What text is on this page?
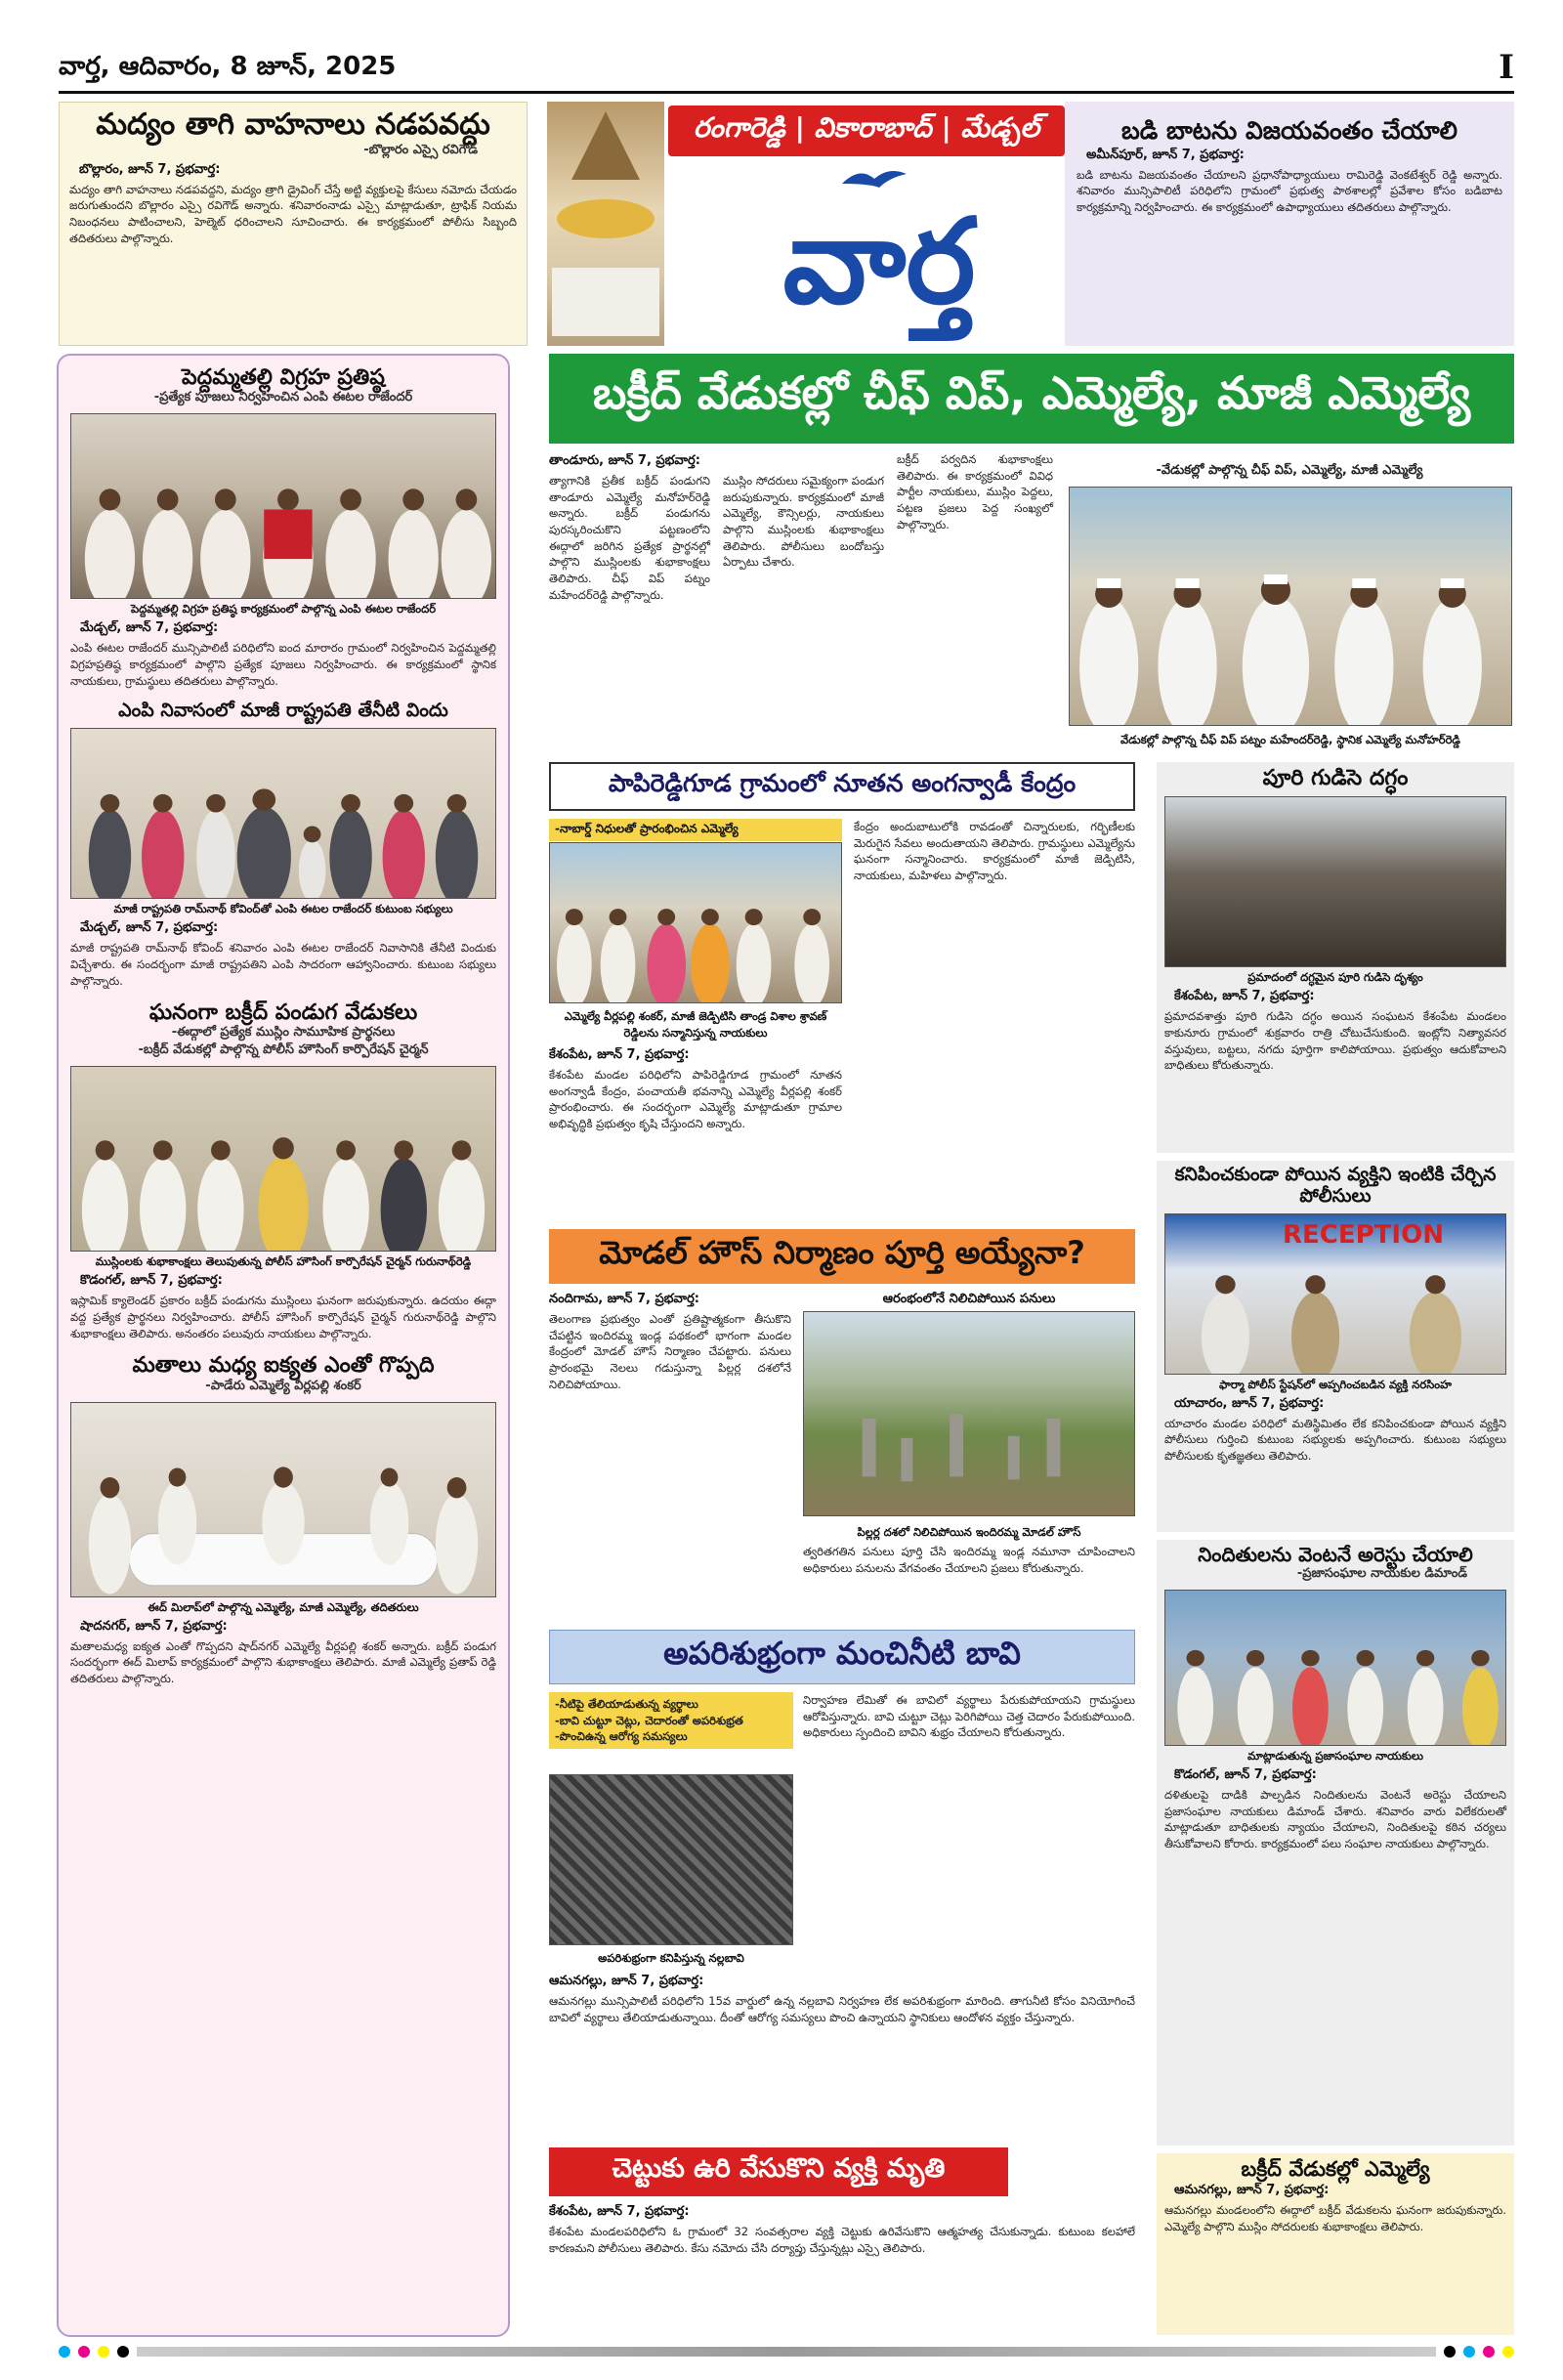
వార్త, ఆదివారం, 8 జూన్, 2025	I
మద్యం తాగి వాహనాలు నడపవద్దు
-బొల్లారం ఎస్సై రవిగౌడ్
బొల్లారం, జూన్ 7, ప్రభవార్త:
మద్యం తాగి వాహనాలు నడపవద్దని, మద్యం త్రాగి డ్రైవింగ్ చేస్తే అట్టి వ్యక్తులపై కేసులు నమోదు చేయడం జరుగుతుందని బొల్లారం ఎస్సై రవిగౌడ్ అన్నారు. శనివారంనాడు ఎస్సై మాట్లాడుతూ, ట్రాఫిక్ నియమ నిబంధనలు పాటించాలని, హెల్మెట్ ధరించాలని సూచించారు. ఈ కార్యక్రమంలో పోలీసు సిబ్బంది తదితరులు పాల్గొన్నారు.
రంగారెడ్డి | వికారాబాద్ | మేడ్చల్
వార్త
బడి బాటను విజయవంతం చేయాలి
అమీన్‌పూర్, జూన్ 7, ప్రభవార్త:
బడి బాటను విజయవంతం చేయాలని ప్రధానోపాధ్యాయులు రామిరెడ్డి వెంకటేశ్వర్ రెడ్డి అన్నారు. శనివారం మున్సిపాలిటీ పరిధిలోని గ్రామంలో ప్రభుత్వ పాఠశాలల్లో ప్రవేశాల కోసం బడిబాట కార్యక్రమాన్ని నిర్వహించారు. ఈ కార్యక్రమంలో ఉపాధ్యాయులు తదితరులు పాల్గొన్నారు.
పెద్దమ్మతల్లి విగ్రహ ప్రతిష్ఠ
-ప్రత్యేక పూజలు నిర్వహించిన ఎంపి ఈటల రాజేందర్
పెద్దమ్మతల్లి విగ్రహ ప్రతిష్ఠ కార్యక్రమంలో పాల్గొన్న ఎంపి ఈటల రాజేందర్
మేడ్చల్, జూన్ 7, ప్రభవార్త:
ఎంపి ఈటల రాజేందర్ మున్సిపాలిటీ పరిధిలోని ఐంద మారారం గ్రామంలో నిర్వహించిన పెద్దమ్మతల్లి విగ్రహప్రతిష్ఠ కార్యక్రమంలో పాల్గొని ప్రత్యేక పూజలు నిర్వహించారు. ఈ కార్యక్రమంలో స్థానిక నాయకులు, గ్రామస్థులు తదితరులు పాల్గొన్నారు.
ఎంపి నివాసంలో మాజీ రాష్ట్రపతి తేనీటి విందు
మాజీ రాష్ట్రపతి రామ్‌నాథ్ కోవింద్‌తో ఎంపి ఈటల రాజేందర్ కుటుంబ సభ్యులు
మేడ్చల్, జూన్ 7, ప్రభవార్త:
మాజీ రాష్ట్రపతి రామ్‌నాథ్ కోవింద్ శనివారం ఎంపి ఈటల రాజేందర్ నివాసానికి తేనీటి విందుకు విచ్చేశారు. ఈ సందర్భంగా మాజీ రాష్ట్రపతిని ఎంపి సాదరంగా ఆహ్వానించారు. కుటుంబ సభ్యులు పాల్గొన్నారు.
ఘనంగా బక్రీద్ పండుగ వేడుకలు
-ఈద్గాలో ప్రత్యేక ముస్లిం సామూహిక ప్రార్థనలు
-బక్రీద్ వేడుకల్లో పాల్గొన్న పోలీస్ హౌసింగ్ కార్పొరేషన్ చైర్మన్
ముస్లింలకు శుభాకాంక్షలు తెలుపుతున్న పోలీస్ హౌసింగ్ కార్పొరేషన్ చైర్మన్ గురునాథ్‌రెడ్డి
కొడంగల్, జూన్ 7, ప్రభవార్త:
ఇస్లామిక్ క్యాలెండర్ ప్రకారం బక్రీద్ పండుగను ముస్లింలు ఘనంగా జరుపుకున్నారు. ఉదయం ఈద్గా వద్ద ప్రత్యేక ప్రార్థనలు నిర్వహించారు. పోలీస్ హౌసింగ్ కార్పొరేషన్ చైర్మన్ గురునాథ్‌రెడ్డి పాల్గొని శుభాకాంక్షలు తెలిపారు. అనంతరం పలువురు నాయకులు పాల్గొన్నారు.
మతాలు మధ్య ఐక్యత ఎంతో గొప్పది
-పాడేరు ఎమ్మెల్యే వీర్లపల్లి శంకర్
ఈద్ మిలాప్‌లో పాల్గొన్న ఎమ్మెల్యే, మాజీ ఎమ్మెల్యే, తదితరులు
షాదనగర్, జూన్ 7, ప్రభవార్త:
మతాలమధ్య ఐక్యత ఎంతో గొప్పదని షాద్‌నగర్ ఎమ్మెల్యే వీర్లపల్లి శంకర్ అన్నారు. బక్రీద్ పండుగ సందర్భంగా ఈద్ మిలాప్ కార్యక్రమంలో పాల్గొని శుభాకాంక్షలు తెలిపారు. మాజీ ఎమ్మెల్యే ప్రతాప్ రెడ్డి తదితరులు పాల్గొన్నారు.
బక్రీద్ వేడుకల్లో చీఫ్ విప్, ఎమ్మెల్యే, మాజీ ఎమ్మెల్యే
తాండూరు, జూన్ 7, ప్రభవార్త:
త్యాగానికి ప్రతీక బక్రీద్ పండుగని తాండూరు ఎమ్మెల్యే మనోహర్‌రెడ్డి అన్నారు. బక్రీద్ పండుగను పురస్కరించుకొని పట్టణంలోని ఈద్గాలో జరిగిన ప్రత్యేక ప్రార్థనల్లో పాల్గొని ముస్లింలకు శుభాకాంక్షలు తెలిపారు. చీఫ్ విప్ పట్నం మహేందర్‌రెడ్డి పాల్గొన్నారు.
ముస్లిం సోదరులు సమైక్యంగా పండుగ జరుపుకున్నారు. కార్యక్రమంలో మాజీ ఎమ్మెల్యే, కౌన్సిలర్లు, నాయకులు పాల్గొని ముస్లింలకు శుభాకాంక్షలు తెలిపారు. పోలీసులు బందోబస్తు ఏర్పాటు చేశారు.
బక్రీద్ పర్వదిన శుభాకాంక్షలు తెలిపారు. ఈ కార్యక్రమంలో వివిధ పార్టీల నాయకులు, ముస్లిం పెద్దలు, పట్టణ ప్రజలు పెద్ద సంఖ్యలో పాల్గొన్నారు.
-వేడుకల్లో పాల్గొన్న చీఫ్ విప్, ఎమ్మెల్యే, మాజీ ఎమ్మెల్యే
వేడుకల్లో పాల్గొన్న చీఫ్ విప్ పట్నం మహేందర్‌రెడ్డి, స్థానిక ఎమ్మెల్యే మనోహర్‌రెడ్డి
పాపిరెడ్డిగూడ గ్రామంలో నూతన అంగన్వాడీ కేంద్రం
-నాబార్డ్ నిధులతో ప్రారంభించిన ఎమ్మెల్యే
ఎమ్మెల్యే వీర్లపల్లి శంకర్, మాజీ జెడ్పిటిసి తాండ్ర విశాల శ్రావణ్ రెడ్డిలను సన్మానిస్తున్న నాయకులు
కేశంపేట, జూన్ 7, ప్రభవార్త:
కేశంపేట మండల పరిధిలోని పాపిరెడ్డిగూడ గ్రామంలో నూతన అంగన్వాడీ కేంద్రం, పంచాయతీ భవనాన్ని ఎమ్మెల్యే వీర్లపల్లి శంకర్ ప్రారంభించారు. ఈ సందర్భంగా ఎమ్మెల్యే మాట్లాడుతూ గ్రామాల అభివృద్ధికి ప్రభుత్వం కృషి చేస్తుందని అన్నారు.
కేంద్రం అందుబాటులోకి రావడంతో చిన్నారులకు, గర్భిణీలకు మెరుగైన సేవలు అందుతాయని తెలిపారు. గ్రామస్థులు ఎమ్మెల్యేను ఘనంగా సన్మానించారు. కార్యక్రమంలో మాజీ జెడ్పిటిసి, నాయకులు, మహిళలు పాల్గొన్నారు.
మోడల్ హౌస్ నిర్మాణం పూర్తి అయ్యేనా?
నందిగామ, జూన్ 7, ప్రభవార్త:
తెలంగాణ ప్రభుత్వం ఎంతో ప్రతిష్టాత్మకంగా తీసుకొని చేపట్టిన ఇందిరమ్మ ఇండ్ల పథకంలో భాగంగా మండల కేంద్రంలో మోడల్ హౌస్ నిర్మాణం చేపట్టారు. పనులు ప్రారంభమై నెలలు గడుస్తున్నా పిల్లర్ల దశలోనే నిలిచిపోయాయి.
ఆరంభంలోనే నిలిచిపోయిన పనులు
పిల్లర్ల దశలో నిలిచిపోయిన ఇందిరమ్మ మోడల్ హౌస్
త్వరితగతిన పనులు పూర్తి చేసి ఇందిరమ్మ ఇండ్ల నమూనా చూపించాలని అధికారులు పనులను వేగవంతం చేయాలని ప్రజలు కోరుతున్నారు.
అపరిశుభ్రంగా మంచినీటి బావి
-నీటిపై తేలియాడుతున్న వ్యర్థాలు
-బావి చుట్టూ చెట్లు, చెదారంతో అపరిశుభ్రత
-పొంచిఉన్న ఆరోగ్య సమస్యలు
అపరిశుభ్రంగా కనిపిస్తున్న నల్లబావి
నిర్వాహణ లేమితో ఈ బావిలో వ్యర్థాలు పేరుకుపోయాయని గ్రామస్థులు ఆరోపిస్తున్నారు. బావి చుట్టూ చెట్లు పెరిగిపోయి చెత్త చెదారం పేరుకుపోయింది. అధికారులు స్పందించి బావిని శుభ్రం చేయాలని కోరుతున్నారు.
ఆమనగల్లు, జూన్ 7, ప్రభవార్త:
ఆమనగల్లు మున్సిపాలిటీ పరిధిలోని 15వ వార్డులో ఉన్న నల్లబావి నిర్వహణ లేక అపరిశుభ్రంగా మారింది. తాగునీటి కోసం వినియోగించే బావిలో వ్యర్థాలు తేలియాడుతున్నాయి. దీంతో ఆరోగ్య సమస్యలు పొంచి ఉన్నాయని స్థానికులు ఆందోళన వ్యక్తం చేస్తున్నారు.
చెట్టుకు ఉరి వేసుకొని వ్యక్తి మృతి
కేశంపేట, జూన్ 7, ప్రభవార్త:
కేశంపేట మండలపరిధిలోని ఓ గ్రామంలో 32 సంవత్సరాల వ్యక్తి చెట్టుకు ఉరివేసుకొని ఆత్మహత్య చేసుకున్నాడు. కుటుంబ కలహాలే కారణమని పోలీసులు తెలిపారు. కేసు నమోదు చేసి దర్యాప్తు చేస్తున్నట్లు ఎస్సై తెలిపారు.
పూరి గుడిసె దగ్ధం
ప్రమాదంలో దగ్ధమైన పూరి గుడిసె దృశ్యం
కేశంపేట, జూన్ 7, ప్రభవార్త:
ప్రమాదవశాత్తు పూరి గుడిసె దగ్ధం అయిన సంఘటన కేశంపేట మండలం కాకునూరు గ్రామంలో శుక్రవారం రాత్రి చోటుచేసుకుంది. ఇంట్లోని నిత్యావసర వస్తువులు, బట్టలు, నగదు పూర్తిగా కాలిపోయాయి. ప్రభుత్వం ఆదుకోవాలని బాధితులు కోరుతున్నారు.
కనిపించకుండా పోయిన వ్యక్తిని ఇంటికి చేర్చిన పోలీసులు
RECEPTION
ఫార్మా పోలీస్ స్టేషన్‌లో అప్పగించబడిన వ్యక్తి నరసింహ
యాచారం, జూన్ 7, ప్రభవార్త:
యాచారం మండల పరిధిలో మతిస్థిమితం లేక కనిపించకుండా పోయిన వ్యక్తిని పోలీసులు గుర్తించి కుటుంబ సభ్యులకు అప్పగించారు. కుటుంబ సభ్యులు పోలీసులకు కృతజ్ఞతలు తెలిపారు.
నిందితులను వెంటనే అరెస్టు చేయాలి
-ప్రజాసంఘాల నాయకుల డిమాండ్
మాట్లాడుతున్న ప్రజాసంఘాల నాయకులు
కొడంగల్, జూన్ 7, ప్రభవార్త:
దళితులపై దాడికి పాల్పడిన నిందితులను వెంటనే అరెస్టు చేయాలని ప్రజాసంఘాల నాయకులు డిమాండ్ చేశారు. శనివారం వారు విలేకరులతో మాట్లాడుతూ బాధితులకు న్యాయం చేయాలని, నిందితులపై కఠిన చర్యలు తీసుకోవాలని కోరారు. కార్యక్రమంలో పలు సంఘాల నాయకులు పాల్గొన్నారు.
బక్రీద్ వేడుకల్లో ఎమ్మెల్యే
ఆమనగల్లు, జూన్ 7, ప్రభవార్త:
ఆమనగల్లు మండలంలోని ఈద్గాలో బక్రీద్ వేడుకలను ఘనంగా జరుపుకున్నారు. ఎమ్మెల్యే పాల్గొని ముస్లిం సోదరులకు శుభాకాంక్షలు తెలిపారు.
